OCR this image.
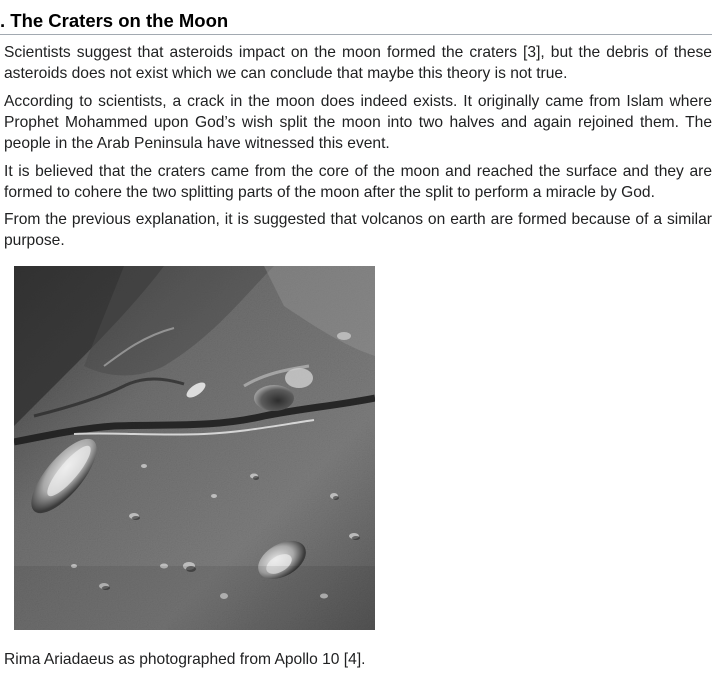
. The Craters on the Moon

Scientists suggest that asteroids impact on the moon formed the craters [3], but the debris of these asteroids does not exist which we can conclude that maybe this theory is not true.

According to scientists, a crack in the moon does indeed exists. It originally came from Islam where Prophet Mohammed upon God’s wish split the moon into two halves and again rejoined them. The people in the Arab Peninsula have witnessed this event.

It is believed that the craters came from the core of the moon and reached the surface and they are formed to cohere the two splitting parts of the moon after the split to perform a miracle by God.

From the previous explanation, it is suggested that volcanos on earth are formed because of a similar purpose.

Rima Ariadaeus as photographed from Apollo 10 [4].
